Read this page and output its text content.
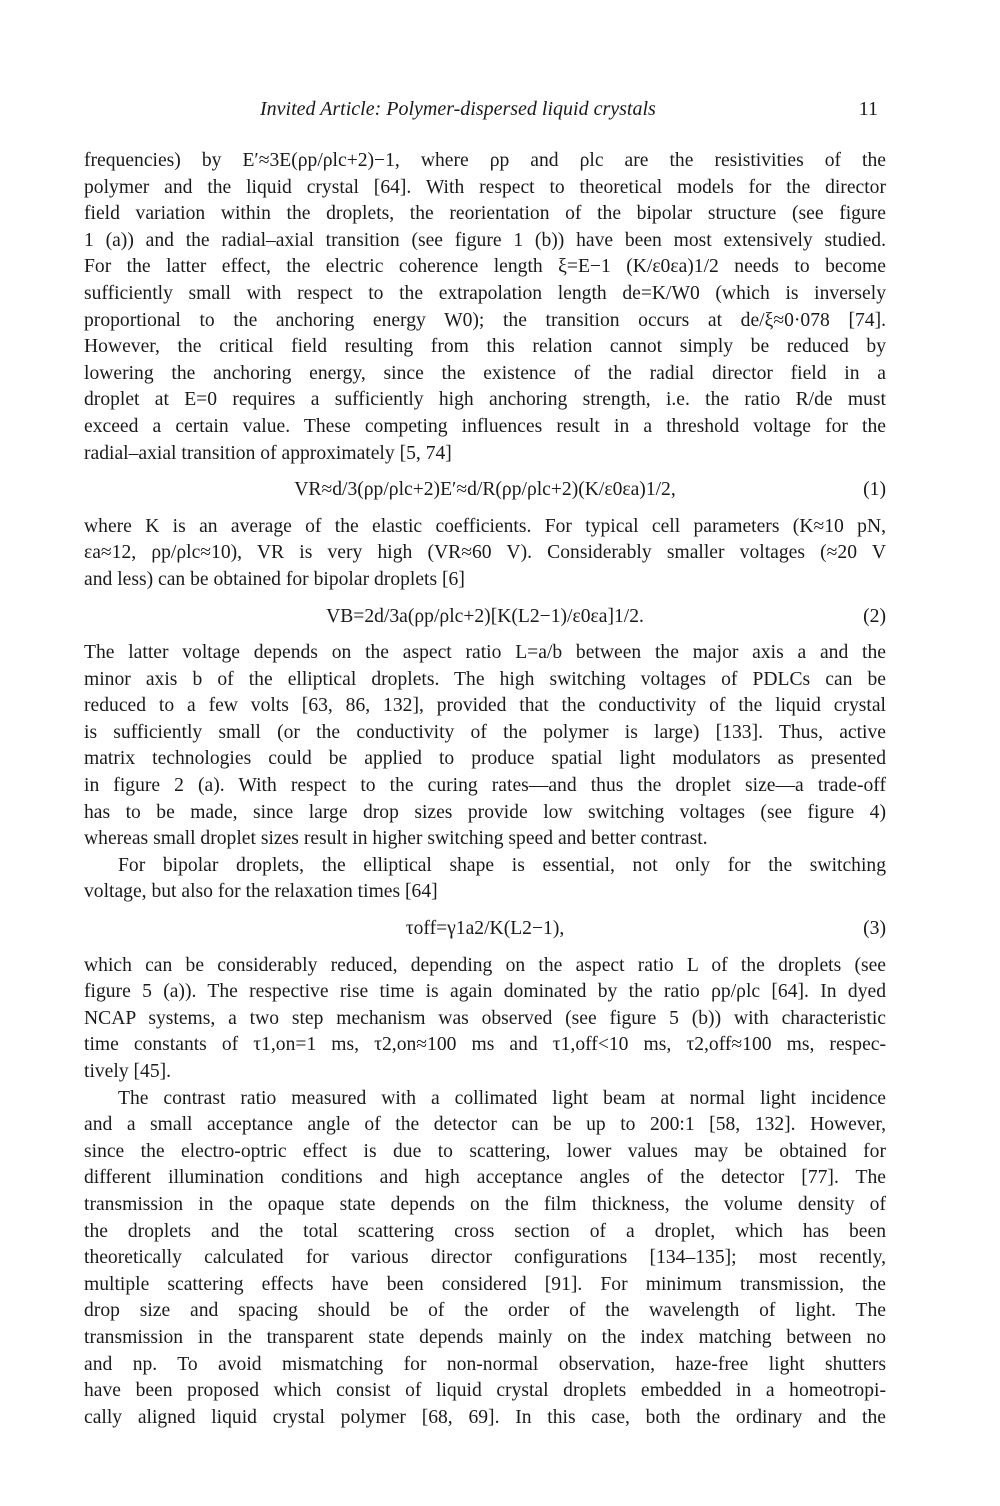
Invited Article: Polymer-dispersed liquid crystals	11
frequencies) by E′≈3E(ρp/ρlc+2)−1, where ρp and ρlc are the resistivities of the
polymer and the liquid crystal [64]. With respect to theoretical models for the director
field variation within the droplets, the reorientation of the bipolar structure (see figure
1 (a)) and the radial–axial transition (see figure 1 (b)) have been most extensively studied.
For the latter effect, the electric coherence length ξ=E−1 (K/ε0εa)1/2 needs to become
sufficiently small with respect to the extrapolation length de=K/W0 (which is inversely
proportional to the anchoring energy W0); the transition occurs at de/ξ≈0·078 [74].
However, the critical field resulting from this relation cannot simply be reduced by
lowering the anchoring energy, since the existence of the radial director field in a
droplet at E=0 requires a sufficiently high anchoring strength, i.e. the ratio R/de must
exceed a certain value. These competing influences result in a threshold voltage for the
radial–axial transition of approximately [5, 74]
VR≈d/3(ρp/ρlc+2)E′≈d/R(ρp/ρlc+2)(K/ε0εa)1/2,	(1)
where K is an average of the elastic coefficients. For typical cell parameters (K≈10 pN,
εa≈12, ρp/ρlc≈10), VR is very high (VR≈60 V). Considerably smaller voltages (≈20 V
and less) can be obtained for bipolar droplets [6]
VB=2d/3a(ρp/ρlc+2)[K(L2−1)/ε0εa]1/2.	(2)
The latter voltage depends on the aspect ratio L=a/b between the major axis a and the
minor axis b of the elliptical droplets. The high switching voltages of PDLCs can be
reduced to a few volts [63, 86, 132], provided that the conductivity of the liquid crystal
is sufficiently small (or the conductivity of the polymer is large) [133]. Thus, active
matrix technologies could be applied to produce spatial light modulators as presented
in figure 2 (a). With respect to the curing rates—and thus the droplet size—a trade-off
has to be made, since large drop sizes provide low switching voltages (see figure 4)
whereas small droplet sizes result in higher switching speed and better contrast.
For bipolar droplets, the elliptical shape is essential, not only for the switching
voltage, but also for the relaxation times [64]
τoff=γ1a2/K(L2−1),	(3)
which can be considerably reduced, depending on the aspect ratio L of the droplets (see
figure 5 (a)). The respective rise time is again dominated by the ratio ρp/ρlc [64]. In dyed
NCAP systems, a two step mechanism was observed (see figure 5 (b)) with characteristic
time constants of τ1,on=1 ms, τ2,on≈100 ms and τ1,off<10 ms, τ2,off≈100 ms, respec-
tively [45].
The contrast ratio measured with a collimated light beam at normal light incidence
and a small acceptance angle of the detector can be up to 200:1 [58, 132]. However,
since the electro-optric effect is due to scattering, lower values may be obtained for
different illumination conditions and high acceptance angles of the detector [77]. The
transmission in the opaque state depends on the film thickness, the volume density of
the droplets and the total scattering cross section of a droplet, which has been
theoretically calculated for various director configurations [134–135]; most recently,
multiple scattering effects have been considered [91]. For minimum transmission, the
drop size and spacing should be of the order of the wavelength of light. The
transmission in the transparent state depends mainly on the index matching between no
and np. To avoid mismatching for non-normal observation, haze-free light shutters
have been proposed which consist of liquid crystal droplets embedded in a homeotropi-
cally aligned liquid crystal polymer [68, 69]. In this case, both the ordinary and the
